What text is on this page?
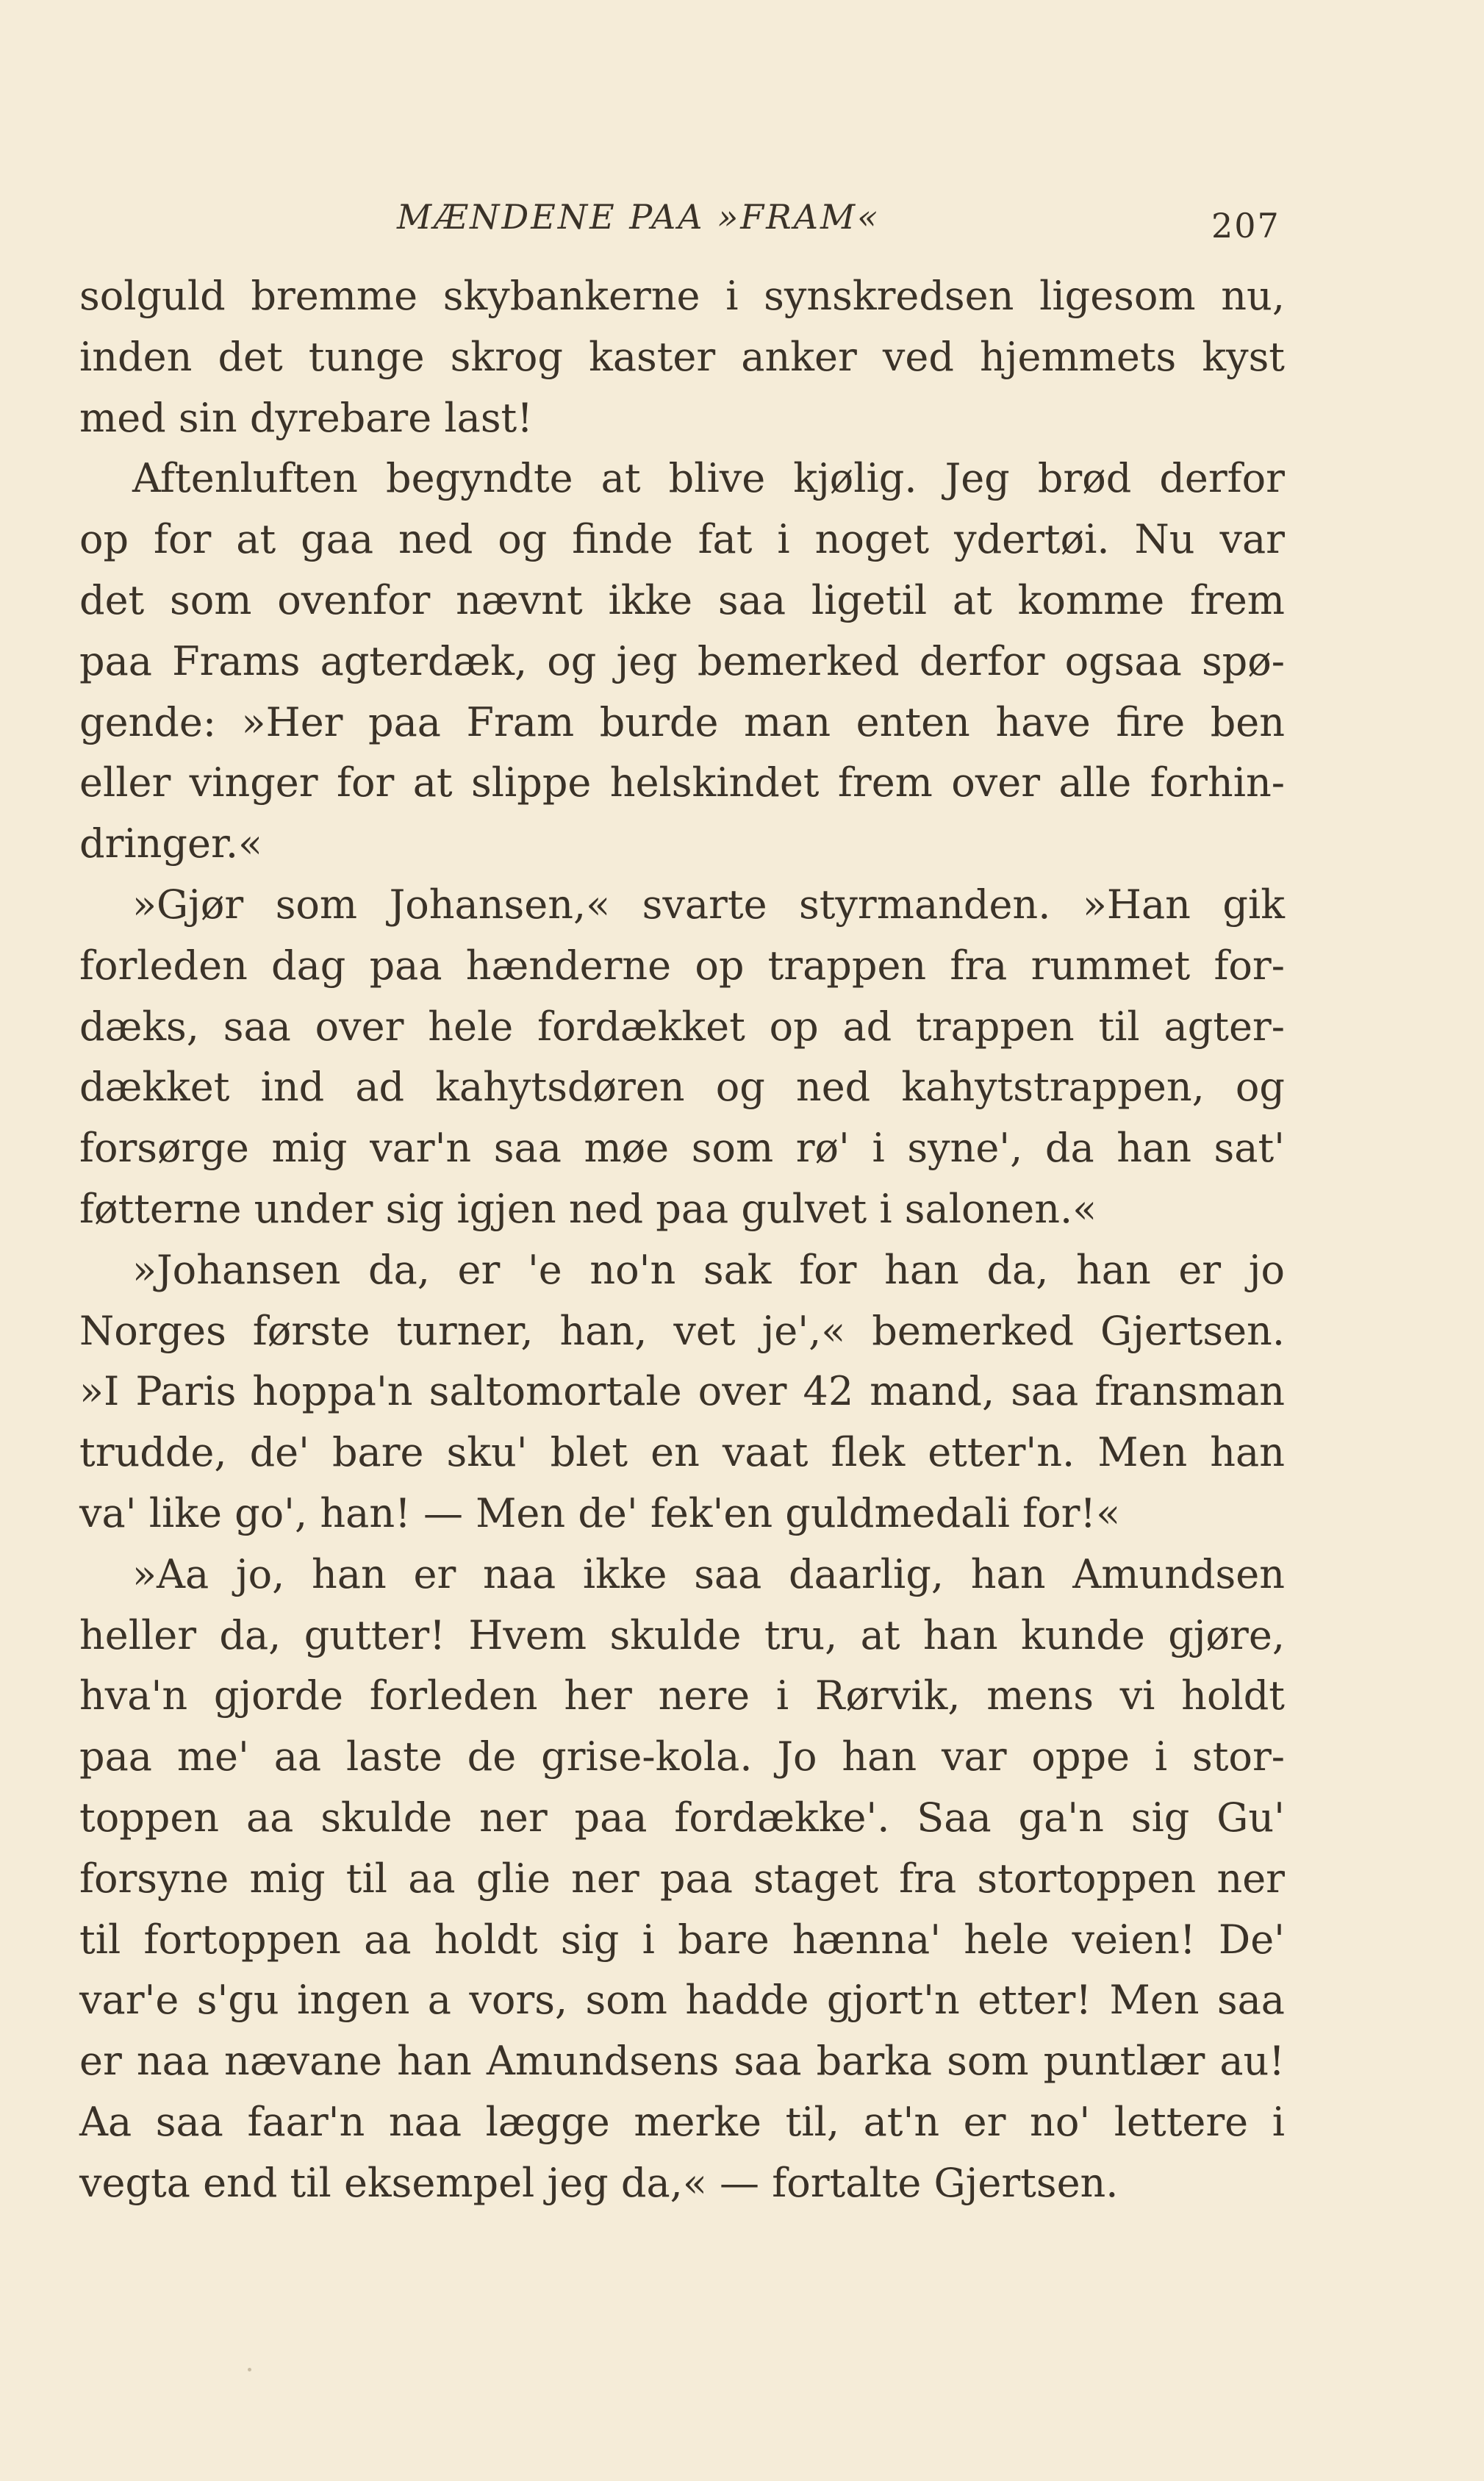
MÆNDENE PAA »FRAM«	207
solguld bremme skybankerne i synskredsen ligesom nu,
inden det tunge skrog kaster anker ved hjemmets kyst
med sin dyrebare last!
Aftenluften begyndte at blive kjølig. Jeg brød derfor
op for at gaa ned og finde fat i noget ydertøi. Nu var
det som ovenfor nævnt ikke saa ligetil at komme frem
paa Frams agterdæk, og jeg bemerked derfor ogsaa spø-
gende: »Her paa Fram burde man enten have fire ben
eller vinger for at slippe helskindet frem over alle forhin-
dringer.«
»Gjør som Johansen,« svarte styrmanden. »Han gik
forleden dag paa hænderne op trappen fra rummet for-
dæks, saa over hele fordækket op ad trappen til agter-
dækket ind ad kahytsdøren og ned kahytstrappen, og
forsørge mig var'n saa møe som rø' i syne', da han sat'
føtterne under sig igjen ned paa gulvet i salonen.«
»Johansen da, er 'e no'n sak for han da, han er jo
Norges første turner, han, vet je',« bemerked Gjertsen.
»I Paris hoppa'n saltomortale over 42 mand, saa fransman
trudde, de' bare sku' blet en vaat flek etter'n. Men han
va' like go', han! — Men de' fek'en guldmedali for!«
»Aa jo, han er naa ikke saa daarlig, han Amundsen
heller da, gutter! Hvem skulde tru, at han kunde gjøre,
hva'n gjorde forleden her nere i Rørvik, mens vi holdt
paa me' aa laste de grise-kola. Jo han var oppe i stor-
toppen aa skulde ner paa fordække'. Saa ga'n sig Gu'
forsyne mig til aa glie ner paa staget fra stortoppen ner
til fortoppen aa holdt sig i bare hænna' hele veien! De'
var'e s'gu ingen a vors, som hadde gjort'n etter! Men saa
er naa nævane han Amundsens saa barka som puntlær au!
Aa saa faar'n naa lægge merke til, at'n er no' lettere i
vegta end til eksempel jeg da,« — fortalte Gjertsen.
